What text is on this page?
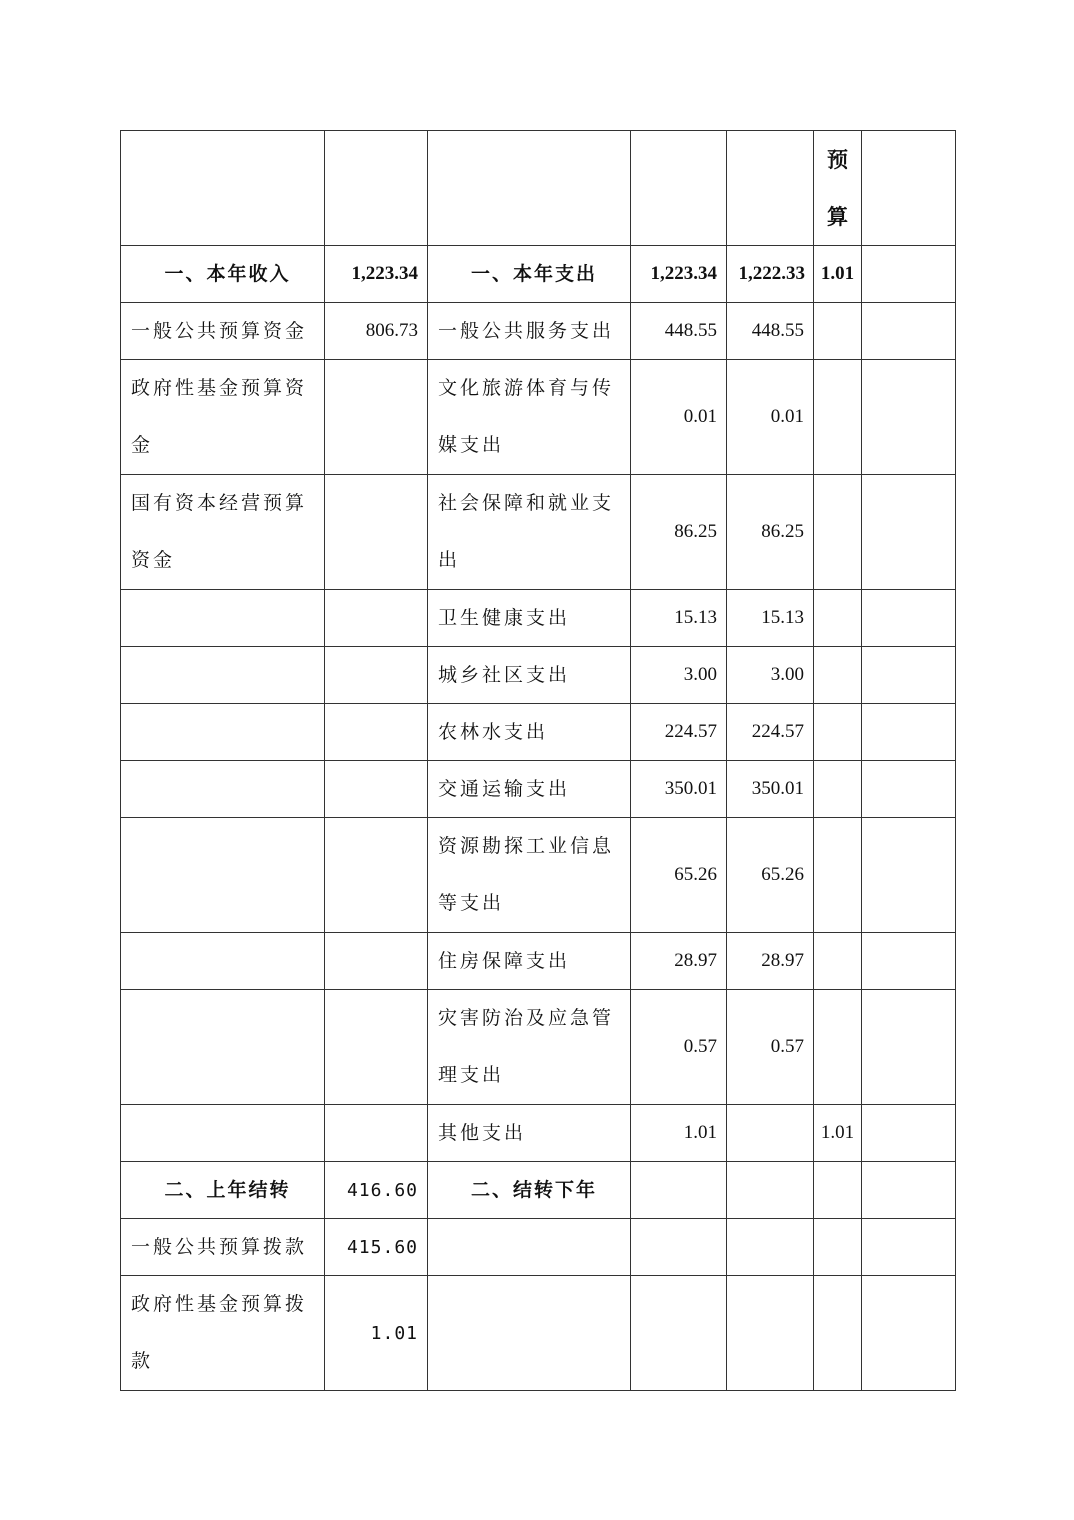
					预
算	
一、本年收入	1,223.34	一、本年支出	1,223.34	1,222.33	1.01	
一般公共预算资金	806.73	一般公共服务支出	448.55	448.55		
政府性基金预算资金		文化旅游体育与传媒支出	0.01	0.01		
国有资本经营预算资金		社会保障和就业支出	86.25	86.25		
		卫生健康支出	15.13	15.13		
		城乡社区支出	3.00	3.00		
		农林水支出	224.57	224.57		
		交通运输支出	350.01	350.01		
		资源勘探工业信息等支出	65.26	65.26		
		住房保障支出	28.97	28.97		
		灾害防治及应急管理支出	0.57	0.57		
		其他支出	1.01		1.01	
二、上年结转	416.60	二、结转下年				
一般公共预算拨款	415.60					
政府性基金预算拨款	1.01					
